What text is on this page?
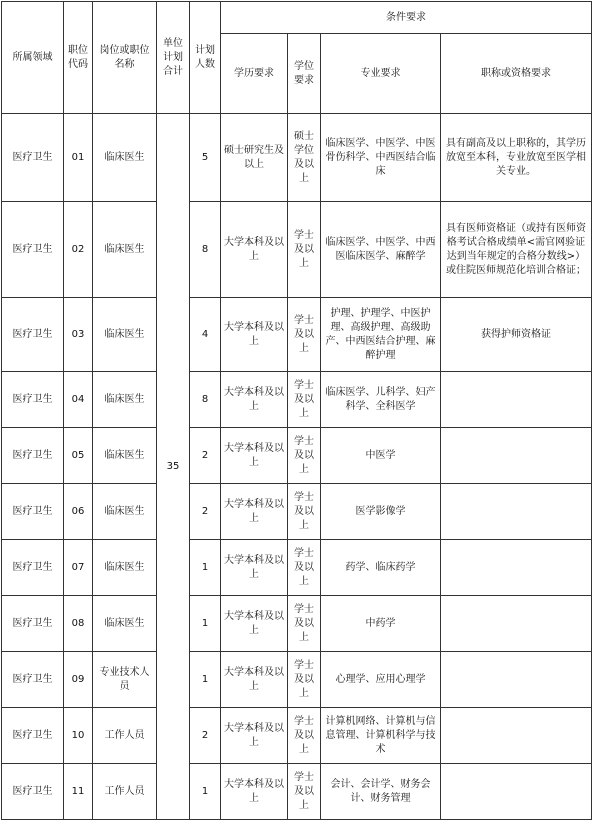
所属领域	职位代码	岗位或职位名称	单位计划合计	计划人数	条件要求			
					学历要求	学位要求	专业要求	职称或资格要求
医疗卫生	01	临床医生	35	5	硕士研究生及以上	硕士学位及以上	临床医学、中医学、中医骨伤科学、中西医结合临床	具有副高及以上职称的，其学历放宽至本科，专业放宽至医学相关专业。
医疗卫生	02	临床医生		8	大学本科及以上	学士及以上	临床医学、中医学、中西医临床医学、麻醉学	具有医师资格证（或持有医师资格考试合格成绩单<需官网验证达到当年规定的合格分数线>）或住院医师规范化培训合格证；
医疗卫生	03	临床医生		4	大学本科及以上	学士及以上	护理、护理学、中医护理、高级护理、高级助产、中西医结合护理、麻醉护理	获得护师资格证
医疗卫生	04	临床医生		8	大学本科及以上	学士及以上	临床医学、儿科学、妇产科学、全科医学	
医疗卫生	05	临床医生		2	大学本科及以上	学士及以上	中医学	
医疗卫生	06	临床医生		2	大学本科及以上	学士及以上	医学影像学	
医疗卫生	07	临床医生		1	大学本科及以上	学士及以上	药学、临床药学	
医疗卫生	08	临床医生		1	大学本科及以上	学士及以上	中药学	
医疗卫生	09	专业技术人员		1	大学本科及以上	学士及以上	心理学、应用心理学	
医疗卫生	10	工作人员		2	大学本科及以上	学士及以上	计算机网络、计算机与信息管理、计算机科学与技术	
医疗卫生	11	工作人员		1	大学本科及以上	学士及以上	会计、会计学、财务会计、财务管理	
